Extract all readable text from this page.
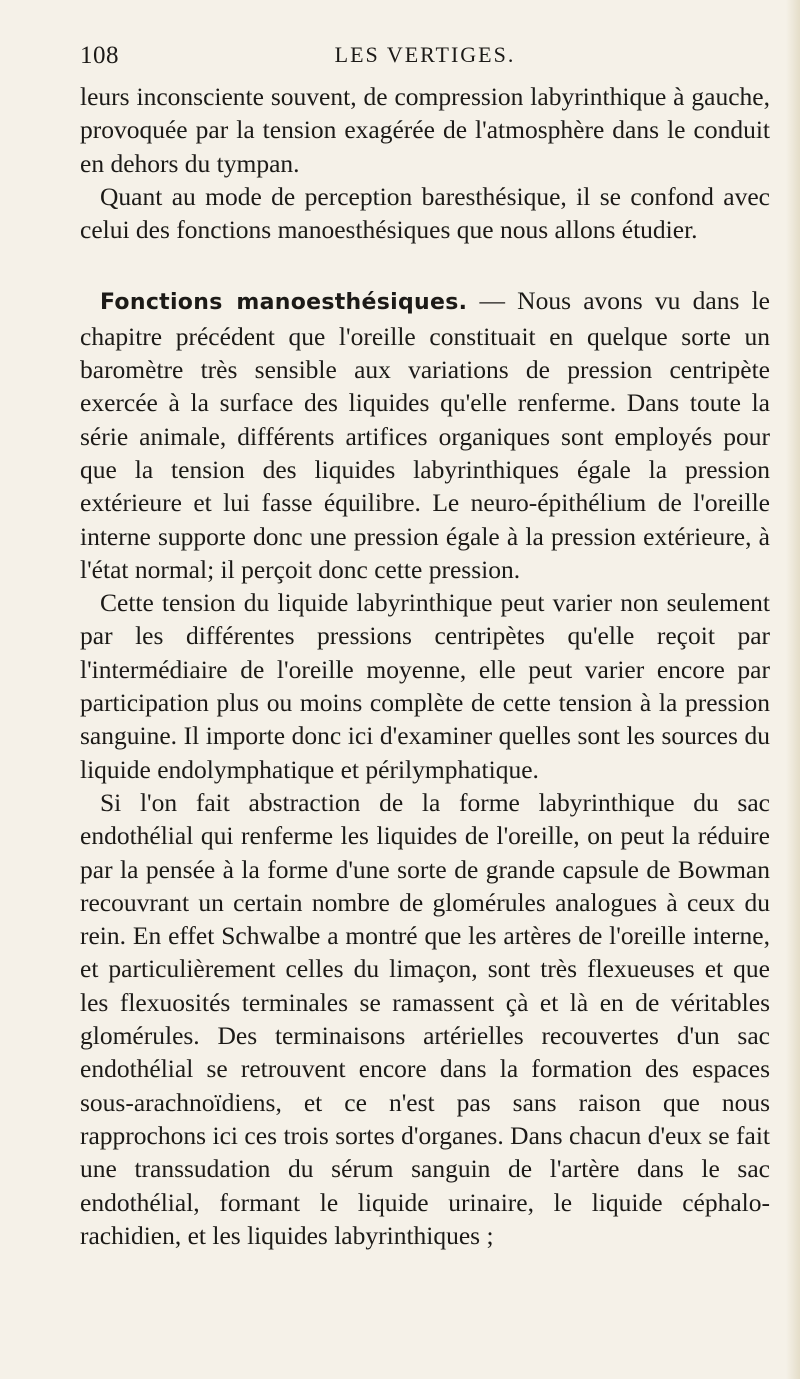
108	LES VERTIGES.

leurs inconsciente souvent, de compression labyrinthique à gauche, provoquée par la tension exagérée de l'atmosphère dans le conduit en dehors du tympan.

Quant au mode de perception baresthésique, il se confond avec celui des fonctions manoesthésiques que nous allons étudier.

Fonctions manoesthésiques. — Nous avons vu dans le chapitre précédent que l'oreille constituait en quelque sorte un baromètre très sensible aux variations de pression centripète exercée à la surface des liquides qu'elle renferme. Dans toute la série animale, différents artifices organiques sont employés pour que la tension des liquides labyrinthiques égale la pression extérieure et lui fasse équilibre. Le neuro-épithélium de l'oreille interne supporte donc une pression égale à la pression extérieure, à l'état normal; il perçoit donc cette pression.

Cette tension du liquide labyrinthique peut varier non seulement par les différentes pressions centripètes qu'elle reçoit par l'intermédiaire de l'oreille moyenne, elle peut varier encore par participation plus ou moins complète de cette tension à la pression sanguine. Il importe donc ici d'examiner quelles sont les sources du liquide endolymphatique et périlymphatique.

Si l'on fait abstraction de la forme labyrinthique du sac endothélial qui renferme les liquides de l'oreille, on peut la réduire par la pensée à la forme d'une sorte de grande capsule de Bowman recouvrant un certain nombre de glomérules analogues à ceux du rein. En effet Schwalbe a montré que les artères de l'oreille interne, et particulièrement celles du limaçon, sont très flexueuses et que les flexuosités terminales se ramassent çà et là en de véritables glomérules. Des terminaisons artérielles recouvertes d'un sac endothélial se retrouvent encore dans la formation des espaces sous-arachnoïdiens, et ce n'est pas sans raison que nous rapprochons ici ces trois sortes d'organes. Dans chacun d'eux se fait une transsudation du sérum sanguin de l'artère dans le sac endothélial, formant le liquide urinaire, le liquide céphalo-rachidien, et les liquides labyrinthiques ;
